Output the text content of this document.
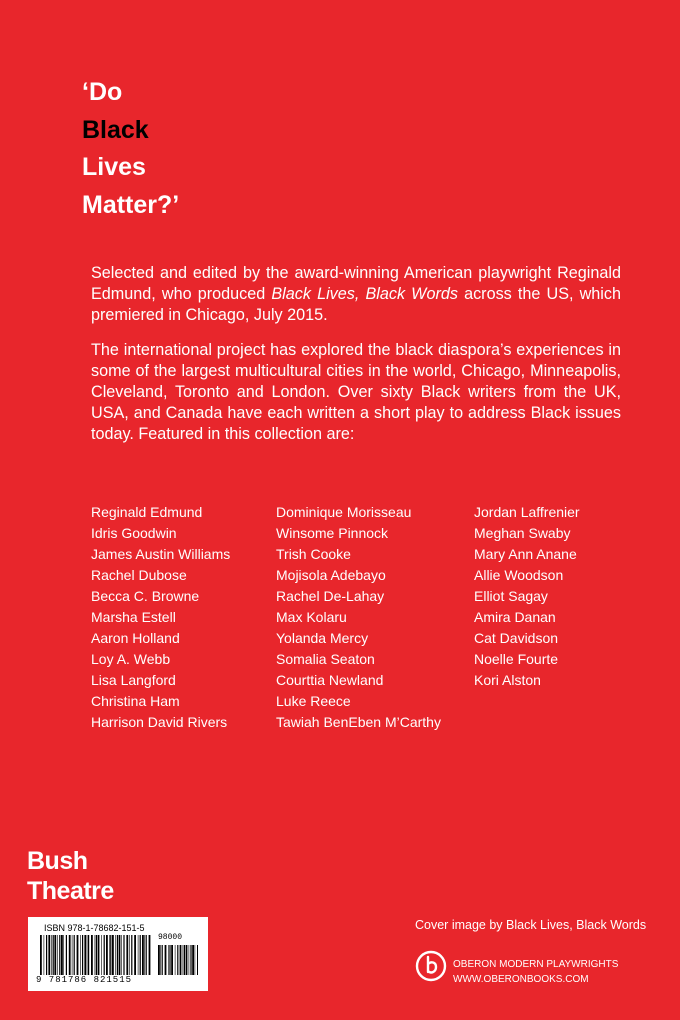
‘Do
Black
Lives
Matter?’
Selected and edited by the award-winning American playwright Reginald Edmund, who produced Black Lives, Black Words across the US, which premiered in Chicago, July 2015.
The international project has explored the black diaspora’s experiences in some of the largest multicultural cities in the world, Chicago, Minneapolis, Cleveland, Toronto and London. Over sixty Black writers from the UK, USA, and Canada have each written a short play to address Black issues today. Featured in this collection are:
Reginald Edmund
Idris Goodwin
James Austin Williams
Rachel Dubose
Becca C. Browne
Marsha Estell
Aaron Holland
Loy A. Webb
Lisa Langford
Christina Ham
Harrison David Rivers
Dominique Morisseau
Winsome Pinnock
Trish Cooke
Mojisola Adebayo
Rachel De-Lahay
Max Kolaru
Yolanda Mercy
Somalia Seaton
Courttia Newland
Luke Reece
Tawiah BenEben M’Carthy
Jordan Laffrenier
Meghan Swaby
Mary Ann Anane
Allie Woodson
Elliot Sagay
Amira Danan
Cat Davidson
Noelle Fourte
Kori Alston
Bush
Theatre
ISBN 978-1-78682-151-5
98000
9 781786 821515
Cover image by Black Lives, Black Words
OBERON MODERN PLAYWRIGHTS
WWW.OBERONBOOKS.COM
